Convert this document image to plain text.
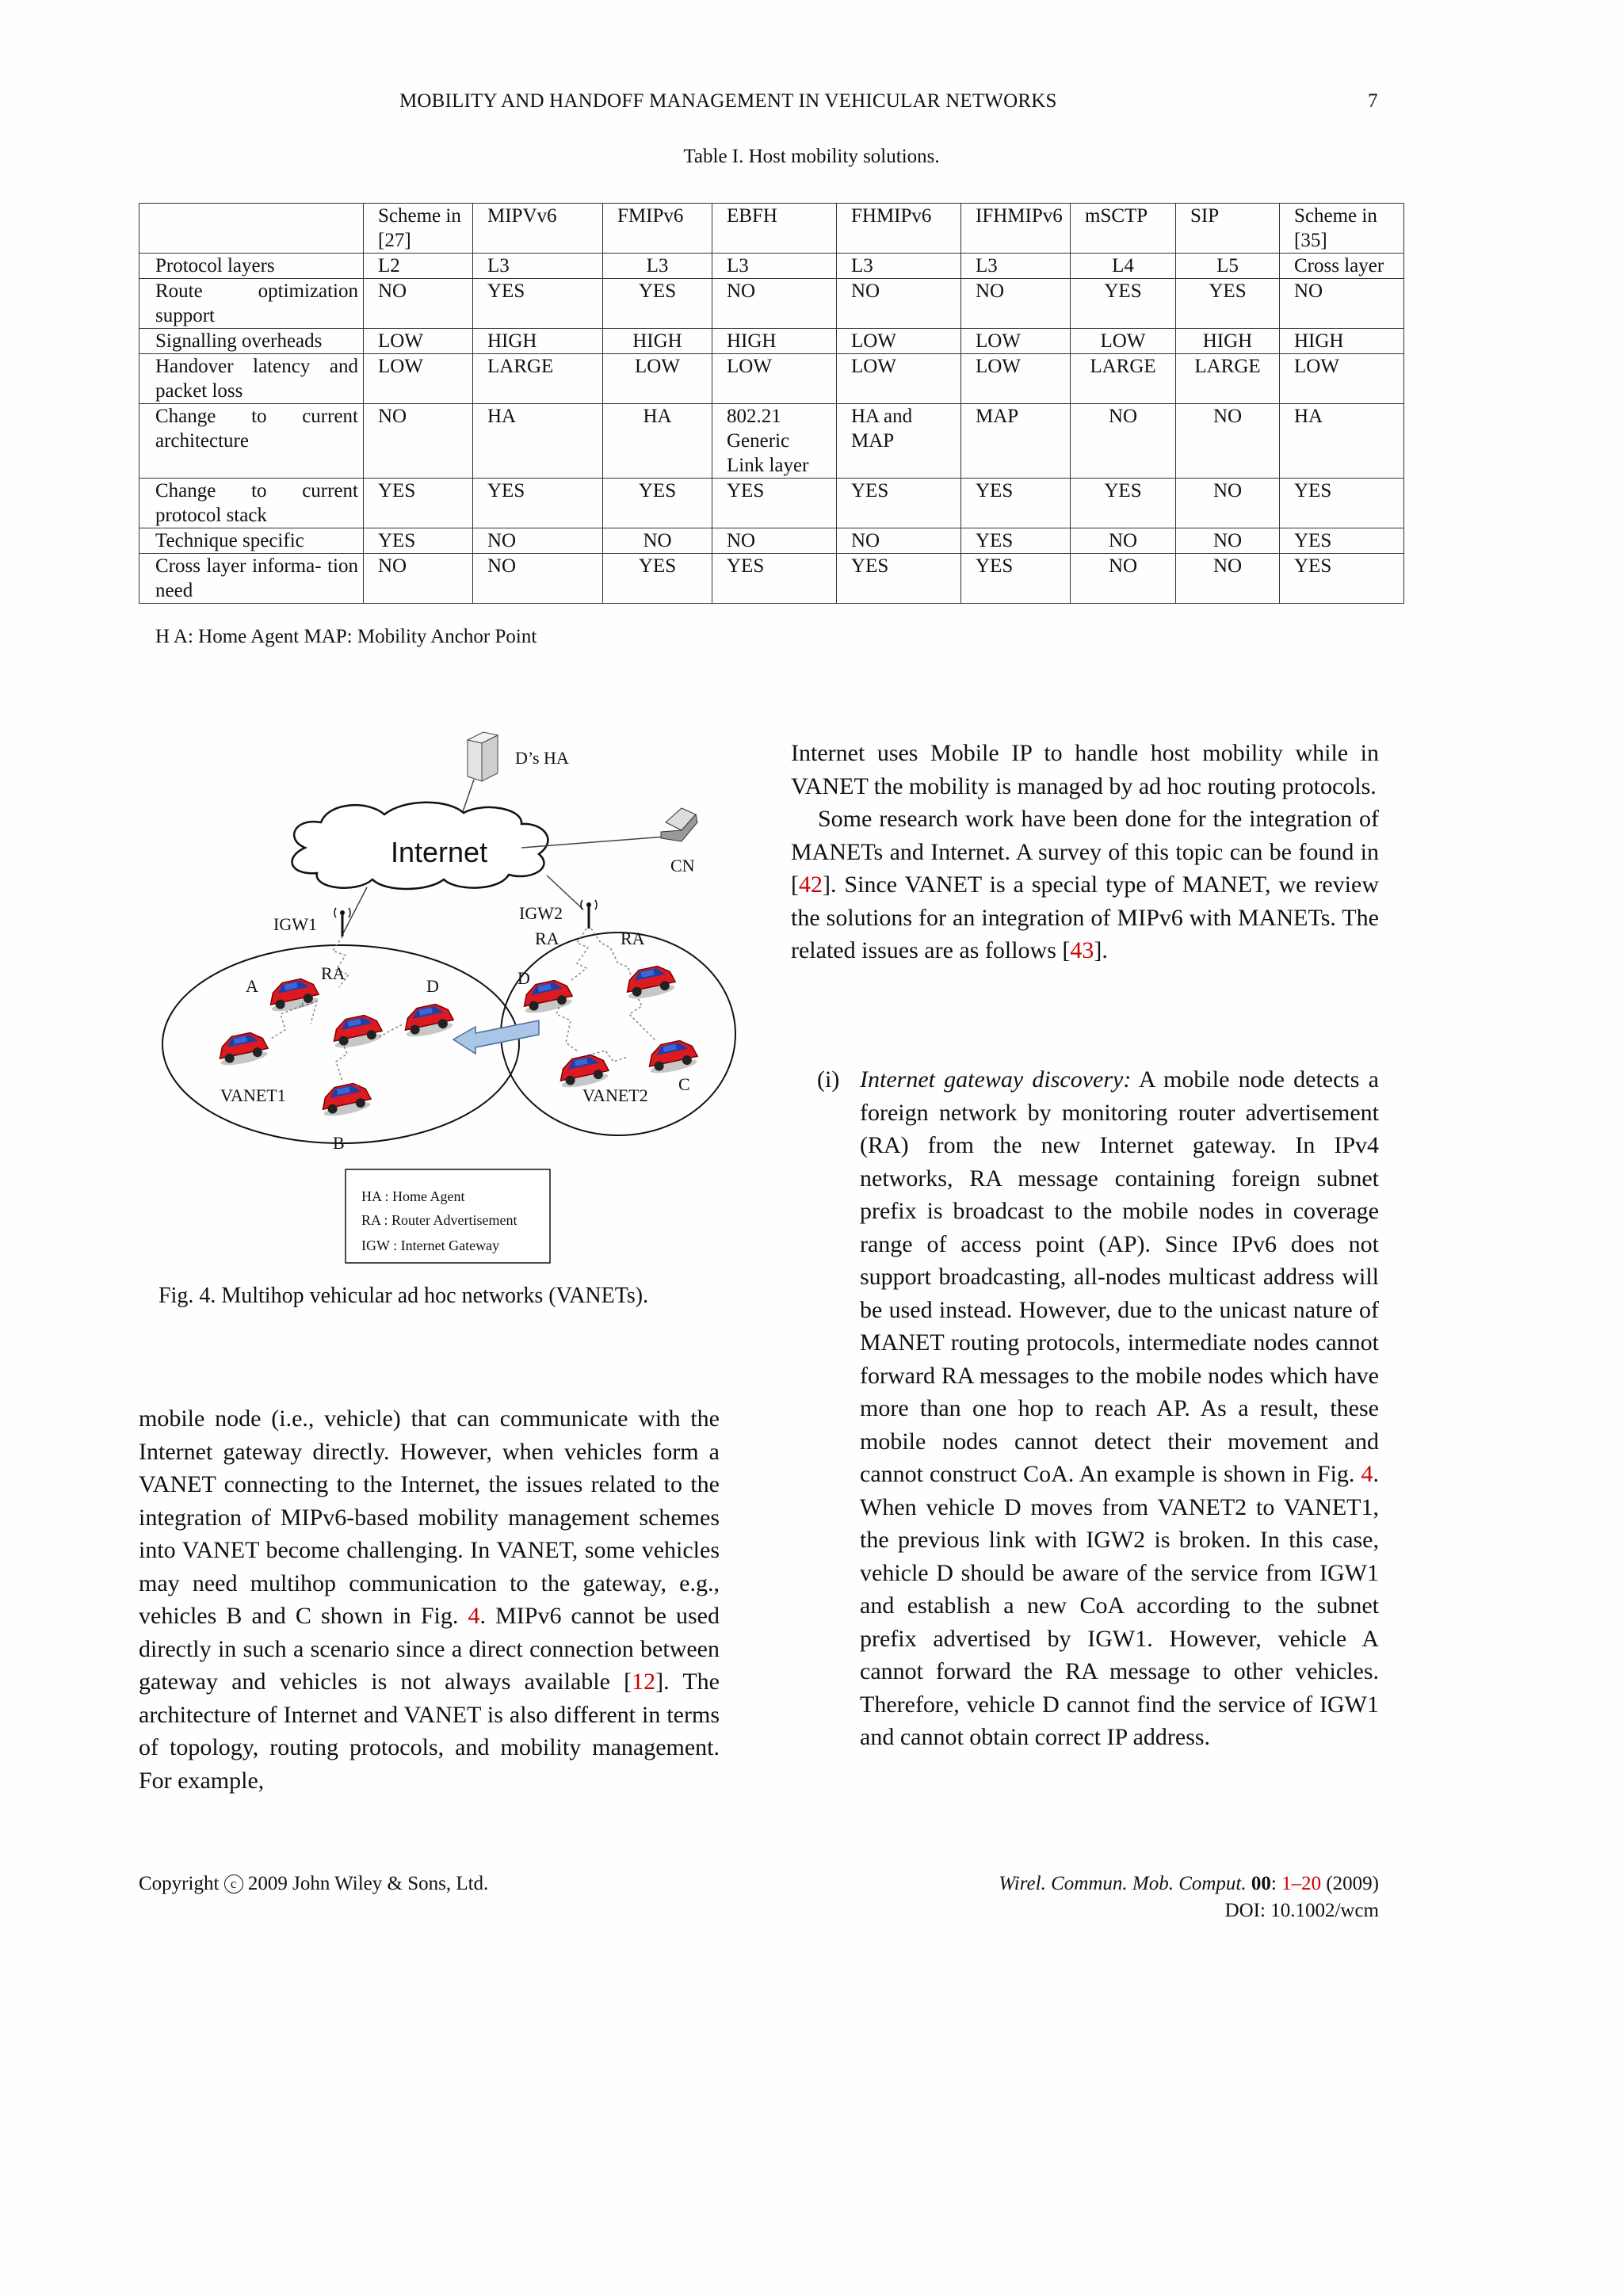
MOBILITY AND HANDOFF MANAGEMENT IN VEHICULAR NETWORKS	7
Table I. Host mobility solutions.
	Scheme in [27]	MIPVv6	FMIPv6	EBFH	FHMIPv6	IFHMIPv6	mSCTP	SIP	Scheme in [35]
Protocol layers	L2	L3	L3	L3	L3	L3	L4	L5	Cross layer
Route optimization support	NO	YES	YES	NO	NO	NO	YES	YES	NO
Signalling overheads	LOW	HIGH	HIGH	HIGH	LOW	LOW	LOW	HIGH	HIGH
Handover latency and packet loss	LOW	LARGE	LOW	LOW	LOW	LOW	LARGE	LARGE	LOW
Change to current architecture	NO	HA	HA	802.21 Generic Link layer	HA and MAP	MAP	NO	NO	HA
Change to current protocol stack	YES	YES	YES	YES	YES	YES	YES	NO	YES
Technique specific	YES	NO	NO	NO	NO	YES	NO	NO	YES
Cross layer informa- tion need	NO	NO	YES	YES	YES	YES	NO	NO	YES
H A: Home Agent MAP: Mobility Anchor Point
D’s HA
Internet	CN
IGW1
IGW2
RA
RA	RA
A	D	D
C
B
VANET1	VANET2
HA : Home Agent
RA : Router Advertisement
IGW : Internet Gateway
Fig. 4. Multihop vehicular ad hoc networks (VANETs).

mobile node (i.e., vehicle) that can communicate with the Internet gateway directly. However, when vehicles form a VANET connecting to the Internet, the issues related to the integration of MIPv6-based mobility management schemes into VANET become challenging. In VANET, some vehicles may need multihop communication to the gateway, e.g., vehicles B and C shown in Fig. 4. MIPv6 cannot be used directly in such a scenario since a direct connection between gateway and vehicles is not always available [12]. The architecture of Internet and VANET is also different in terms of topology, routing protocols, and mobility management. For example,

Internet uses Mobile IP to handle host mobility while in VANET the mobility is managed by ad hoc routing protocols.

Some research work have been done for the integration of MANETs and Internet. A survey of this topic can be found in [42]. Since VANET is a special type of MANET, we review the solutions for an integration of MIPv6 with MANETs. The related issues are as follows [43].

(i) Internet gateway discovery: A mobile node detects a foreign network by monitoring router advertisement (RA) from the new Internet gateway. In IPv4 networks, RA message containing foreign subnet prefix is broadcast to the mobile nodes in coverage range of access point (AP). Since IPv6 does not support broadcasting, all-nodes multicast address will be used instead. However, due to the unicast nature of MANET routing protocols, intermediate nodes cannot forward RA messages to the mobile nodes which have more than one hop to reach AP. As a result, these mobile nodes cannot detect their movement and cannot construct CoA. An example is shown in Fig. 4. When vehicle D moves from VANET2 to VANET1, the previous link with IGW2 is broken. In this case, vehicle D should be aware of the service from IGW1 and establish a new CoA according to the subnet prefix advertised by IGW1. However, vehicle A cannot forward the RA message to other vehicles. Therefore, vehicle D cannot find the service of IGW1 and cannot obtain correct IP address.
Copyright c 2009 John Wiley & Sons, Ltd.	Wirel. Commun. Mob. Comput. 00: 1–20 (2009)
DOI: 10.1002/wcm
